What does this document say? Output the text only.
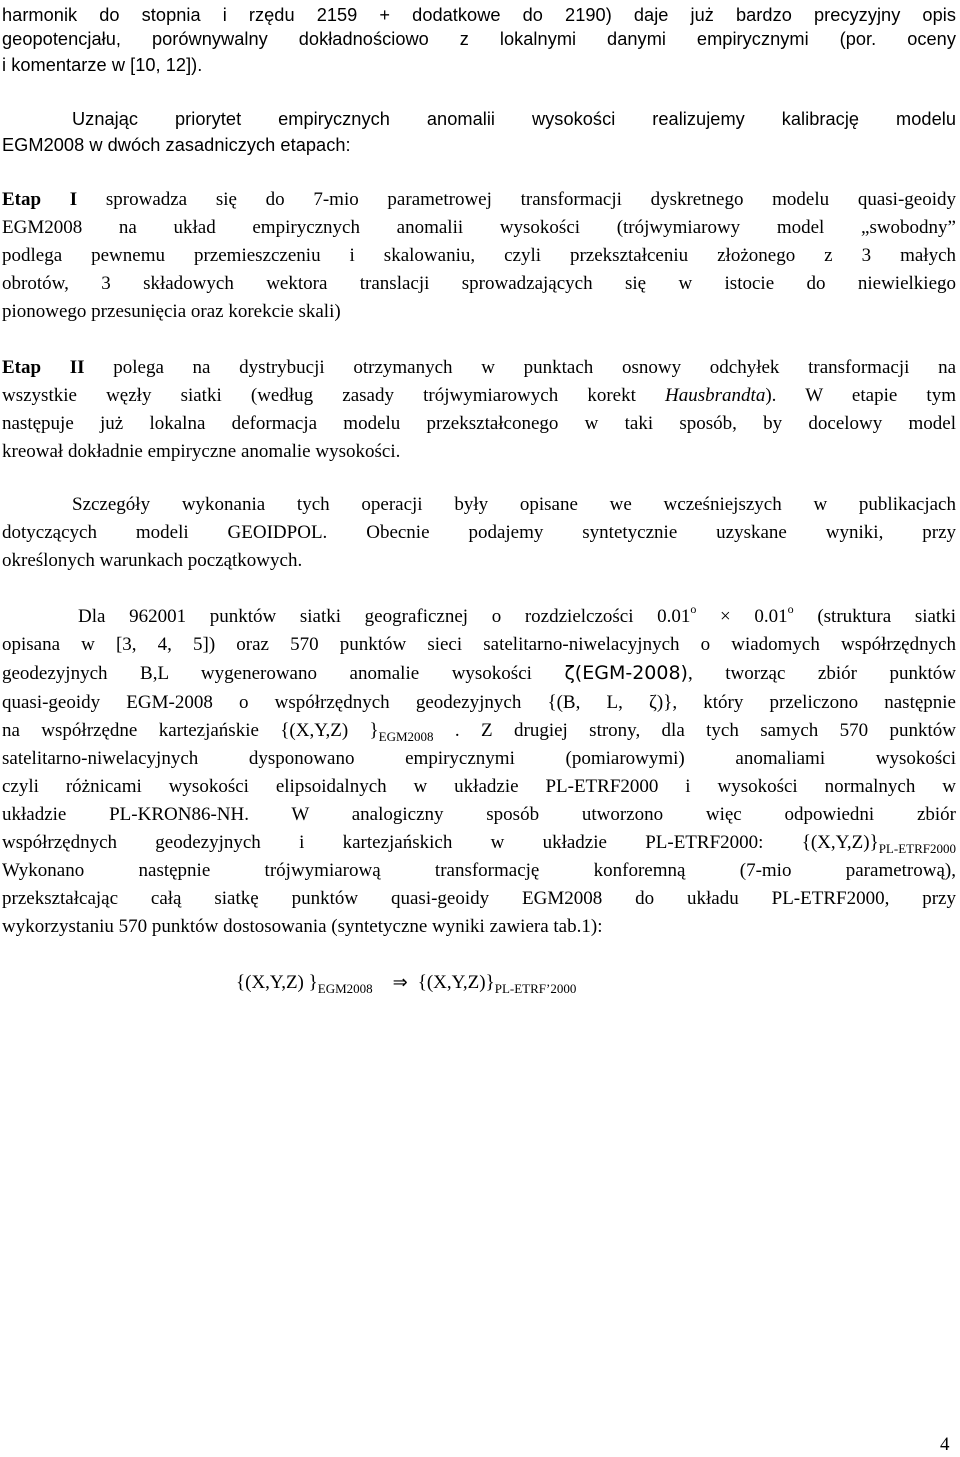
harmonik do stopnia i rzędu 2159 + dodatkowe do 2190) daje już bardzo precyzyjny opis
geopotencjału, porównywalny dokładnościowo z lokalnymi danymi empirycznymi (por. oceny
i komentarze w [10, 12]).
Uznając priorytet empirycznych anomalii wysokości realizujemy kalibrację modelu
EGM2008 w dwóch zasadniczych etapach:
Etap I sprowadza się do 7-mio parametrowej transformacji dyskretnego modelu quasi-geoidy
EGM2008 na układ empirycznych anomalii wysokości (trójwymiarowy model „swobodny”
podlega pewnemu przemieszczeniu i skalowaniu, czyli przekształceniu złożonego z 3 małych
obrotów, 3 składowych wektora translacji sprowadzających się w istocie do niewielkiego
pionowego przesunięcia oraz korekcie skali)
Etap II polega na dystrybucji otrzymanych w punktach osnowy odchyłek transformacji na
wszystkie węzły siatki (według zasady trójwymiarowych korekt Hausbrandta). W etapie tym
następuje już lokalna deformacja modelu przekształconego w taki sposób, by docelowy model
kreował dokładnie empiryczne anomalie wysokości.
Szczegóły wykonania tych operacji były opisane we wcześniejszych w publikacjach
dotyczących modeli GEOIDPOL. Obecnie podajemy syntetycznie uzyskane wyniki, przy
określonych warunkach początkowych.
Dla 962001 punktów siatki geograficznej o rozdzielczości $0.01^o \times 0.01^o$ (struktura siatki
opisana w [3, 4, 5]) oraz 570 punktów sieci satelitarno-niwelacyjnych o wiadomych współrzędnych
geodezyjnych B,L wygenerowano anomalie wysokości ζ(EGM-2008), tworząc zbiór punktów
quasi-geoidy EGM-2008 o współrzędnych geodezyjnych {(B, L, ζ)}, który przeliczono następnie
na współrzędne kartezjańskie {(X,Y,Z) }$_{EGM2008}$ . Z drugiej strony, dla tych samych 570 punktów
satelitarno-niwelacyjnych dysponowano empirycznymi (pomiarowymi) anomaliami wysokości
czyli różnicami wysokości elipsoidalnych w układzie PL-ETRF2000 i wysokości normalnych w
układzie PL-KRON86-NH. W analogiczny sposób utworzono więc odpowiedni zbiór
współrzędnych geodezyjnych i kartezjańskich w układzie PL-ETRF2000: $\{(X,Y,Z)\}_{PL-ETRF2000}$
Wykonano następnie trójwymiarową transformację konforemną (7-mio parametrową),
przekształcając całą siatkę punktów quasi-geoidy EGM2008 do układu PL-ETRF2000, przy
wykorzystaniu 570 punktów dostosowania (syntetyczne wyniki zawiera tab.1):
{(X,Y,Z) }$_{EGM2008}$ ⇒ $\{(X,Y,Z)\}_{PL-ETRF’2000}$
4
